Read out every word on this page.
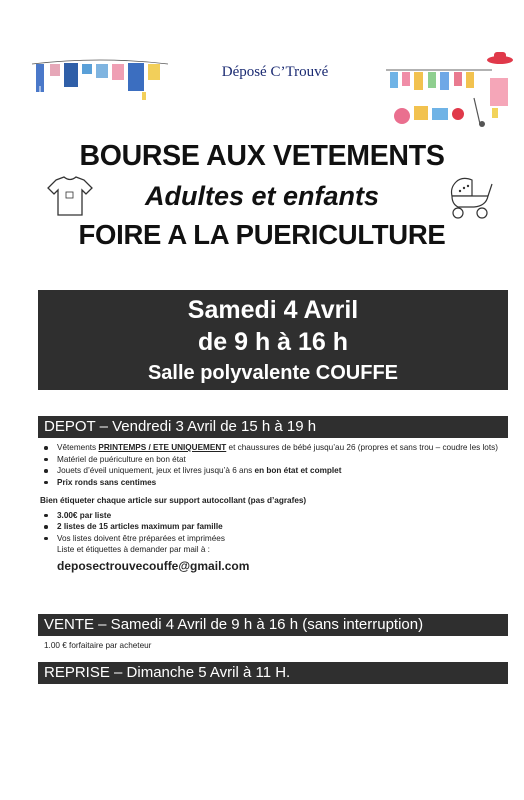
Déposé C’Trouvé
BOURSE AUX VETEMENTS
Adultes et enfants
FOIRE A LA PUERICULTURE
Samedi 4 Avril
de 9 h à 16 h
Salle polyvalente COUFFE
DEPOT – Vendredi 3 Avril de 15 h à 19 h
Vêtements PRINTEMPS / ETE UNIQUEMENT et chaussures de bébé jusqu’au 26 (propres et sans trou – coudre les lots)
Matériel de puériculture en bon état
Jouets d’éveil uniquement, jeux et livres jusqu’à 6 ans en bon état et complet
Prix ronds sans centimes
Bien étiqueter chaque article sur support autocollant (pas d’agrafes)
3.00€ par liste
2 listes de 15 articles maximum par famille
Vos listes doivent être préparées et imprimées
Liste et étiquettes à demander par mail à :
deposectrouvecouffe@gmail.com
VENTE – Samedi 4 Avril de 9 h à 16 h (sans interruption)
1.00 € forfaitaire par acheteur
REPRISE – Dimanche 5 Avril à 11 H.
